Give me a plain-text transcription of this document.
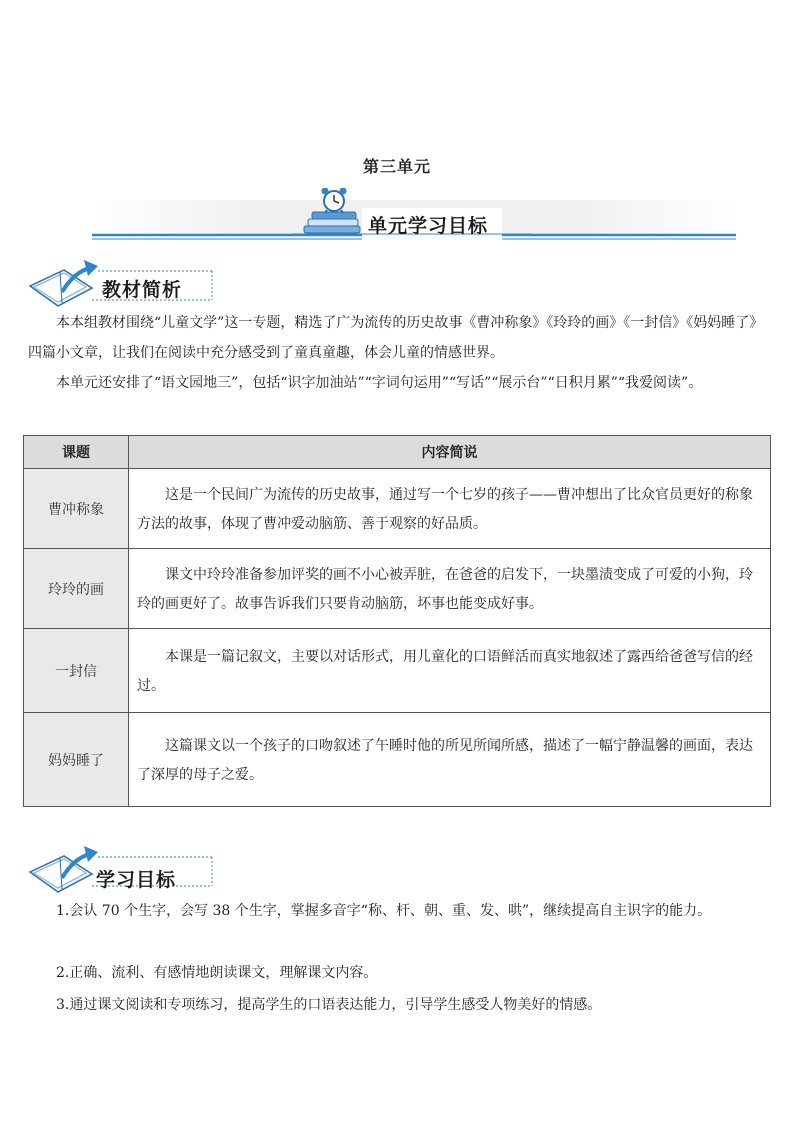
第三单元
单元学习目标
教材简析

本本组教材围绕“儿童文学”这一专题，精选了广为流传的历史故事《曹冲称象》《玲玲的画》《一封信》《妈妈睡了》四篇小文章，让我们在阅读中充分感受到了童真童趣，体会儿童的情感世界。

本单元还安排了“语文园地三”，包括“识字加油站”“字词句运用”“写话”“展示台”“日积月累”“我爱阅读”。

课题	内容简说
曹冲称象	这是一个民间广为流传的历史故事，通过写一个七岁的孩子——曹冲想出了比众官员更好的称象方法的故事，体现了曹冲爱动脑筋、善于观察的好品质。
玲玲的画	课文中玲玲准备参加评奖的画不小心被弄脏，在爸爸的启发下，一块墨渍变成了可爱的小狗，玲玲的画更好了。故事告诉我们只要肯动脑筋，坏事也能变成好事。
一封信	本课是一篇记叙文，主要以对话形式，用儿童化的口语鲜活而真实地叙述了露西给爸爸写信的经过。
妈妈睡了	这篇课文以一个孩子的口吻叙述了午睡时他的所见所闻所感，描述了一幅宁静温馨的画面，表达了深厚的母子之爱。
学习目标

1.会认 70 个生字，会写 38 个生字，掌握多音字“称、杆、朝、重、发、哄”，继续提高自主识字的能力。

2.正确、流利、有感情地朗读课文，理解课文内容。

3.通过课文阅读和专项练习，提高学生的口语表达能力，引导学生感受人物美好的情感。
